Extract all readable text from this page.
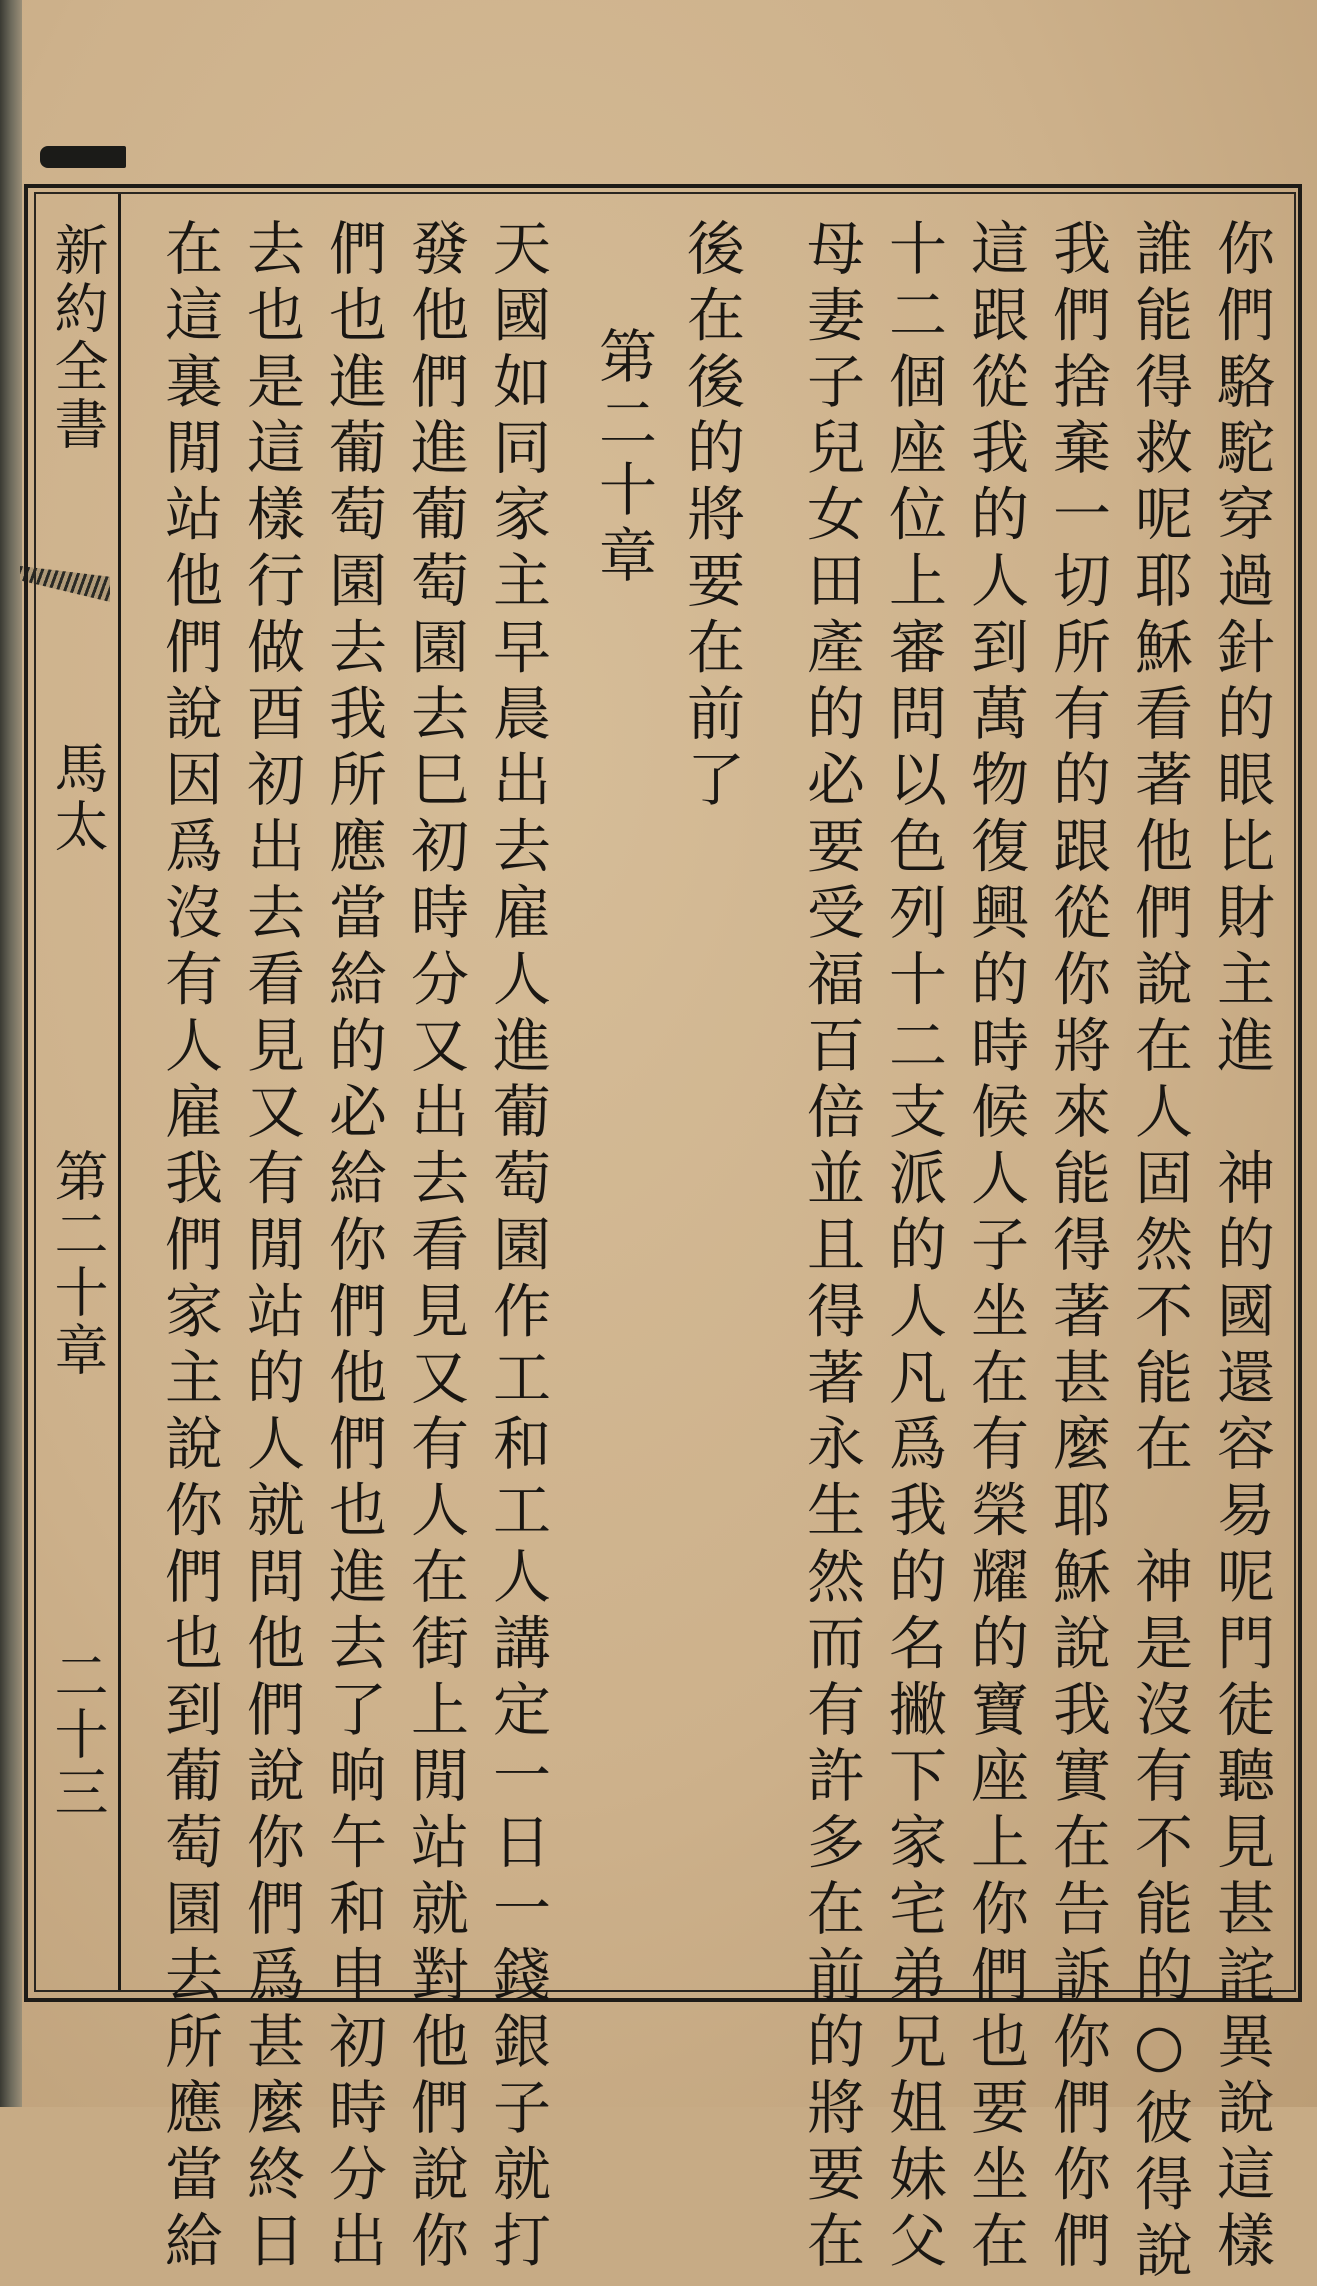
新約全書
馬太
第二十章
二十三	你們駱駝穿過針的眼比財主進　神的國還容易呢門徒聽見甚詫異說這樣
誰能得救呢耶穌看著他們說在人固然不能在　神是沒有不能的○彼得說
我們捨棄一切所有的跟從你將來能得著甚麼耶穌說我實在告訴你們你們
這跟從我的人到萬物復興的時候人子坐在有榮耀的寶座上你們也要坐在
十二個座位上審問以色列十二支派的人凡爲我的名撇下家宅弟兄姐妹父
母妻子兒女田產的必要受福百倍並且得著永生然而有許多在前的將要在
後在後的將要在前了
第二十章
天國如同家主早晨出去雇人進葡萄園作工和工人講定一日一錢銀子就打
發他們進葡萄園去巳初時分又出去看見又有人在街上閒站就對他們說你
們也進葡萄園去我所應當給的必給你們他們也進去了晌午和申初時分出
去也是這樣行做酉初出去看見又有閒站的人就問他們說你們爲甚麼終日
在這裏閒站他們說因爲沒有人雇我們家主說你們也到葡萄園去所應當給
